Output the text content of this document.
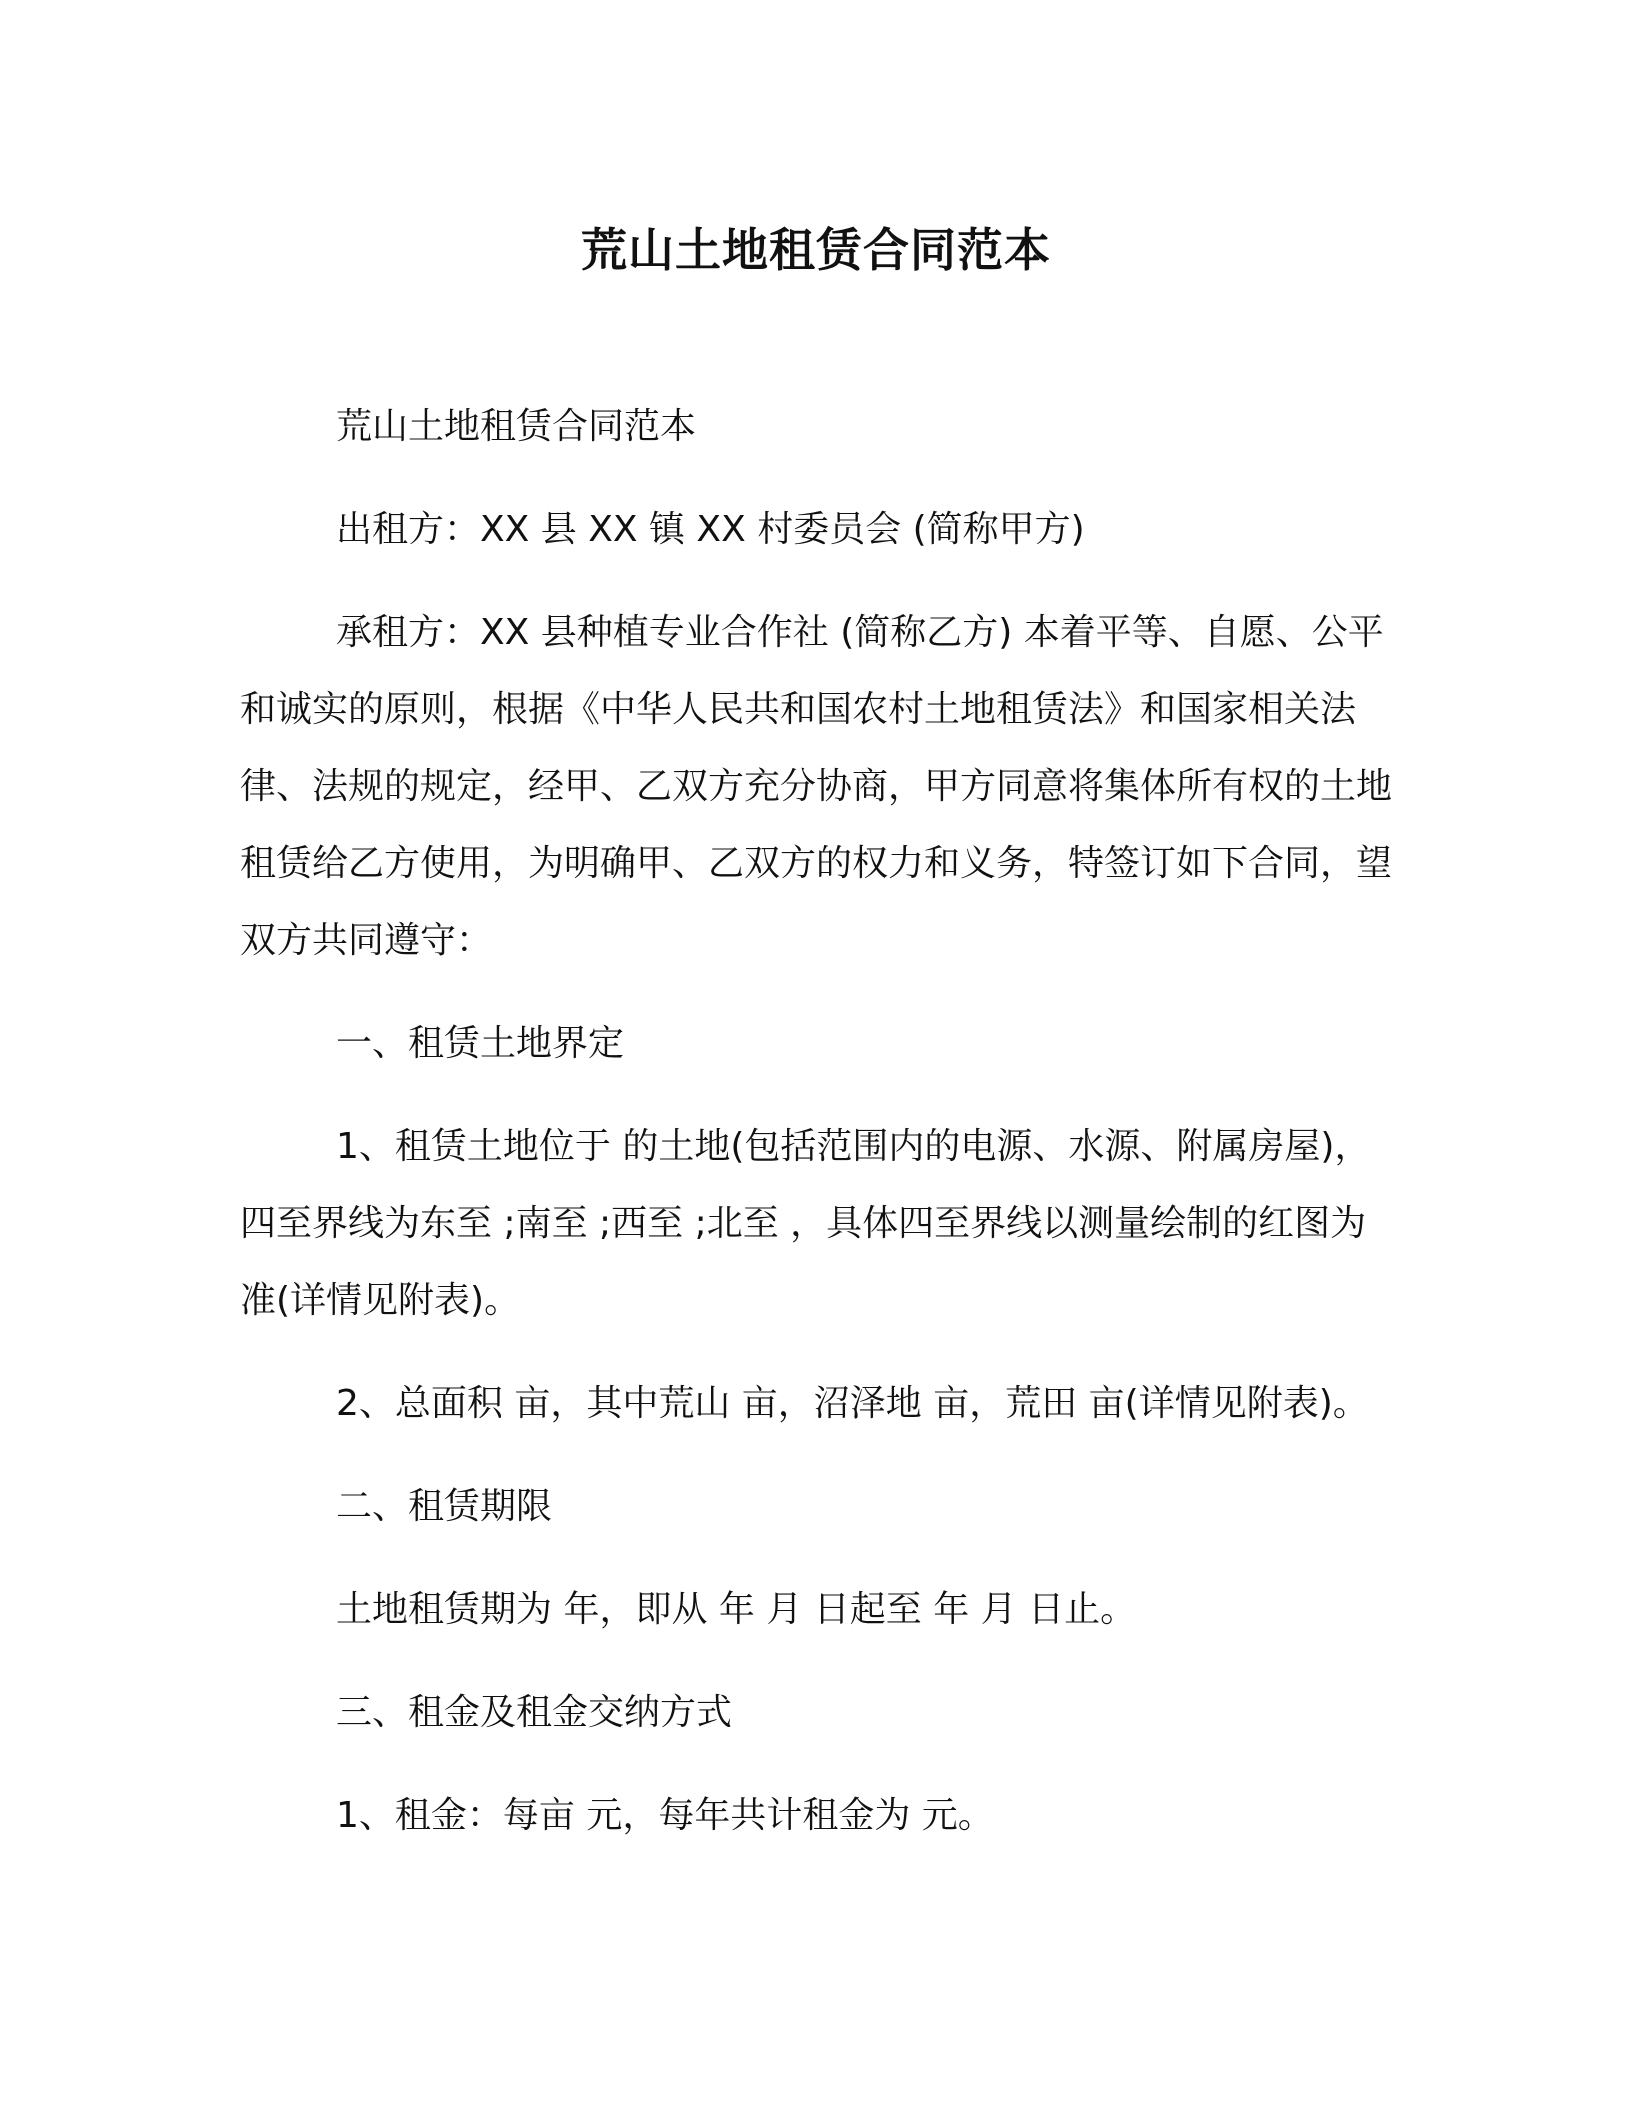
荒山土地租赁合同范本

荒山土地租赁合同范本

出租方：XX 县 XX 镇 XX 村委员会 (简称甲方)

承租方：XX 县种植专业合作社 (简称乙方) 本着平等、自愿、公平和诚实的原则，根据《中华人民共和国农村土地租赁法》和国家相关法律、法规的规定，经甲、乙双方充分协商，甲方同意将集体所有权的土地租赁给乙方使用，为明确甲、乙双方的权力和义务，特签订如下合同，望双方共同遵守：

一、租赁土地界定

1、租赁土地位于 的土地(包括范围内的电源、水源、附属房屋)，四至界线为东至 ;南至 ;西至 ;北至 ，具体四至界线以测量绘制的红图为准(详情见附表)。

2、总面积 亩，其中荒山 亩，沼泽地 亩，荒田 亩(详情见附表)。

二、租赁期限

土地租赁期为 年，即从 年 月 日起至 年 月 日止。

三、租金及租金交纳方式

1、租金：每亩 元，每年共计租金为 元。
